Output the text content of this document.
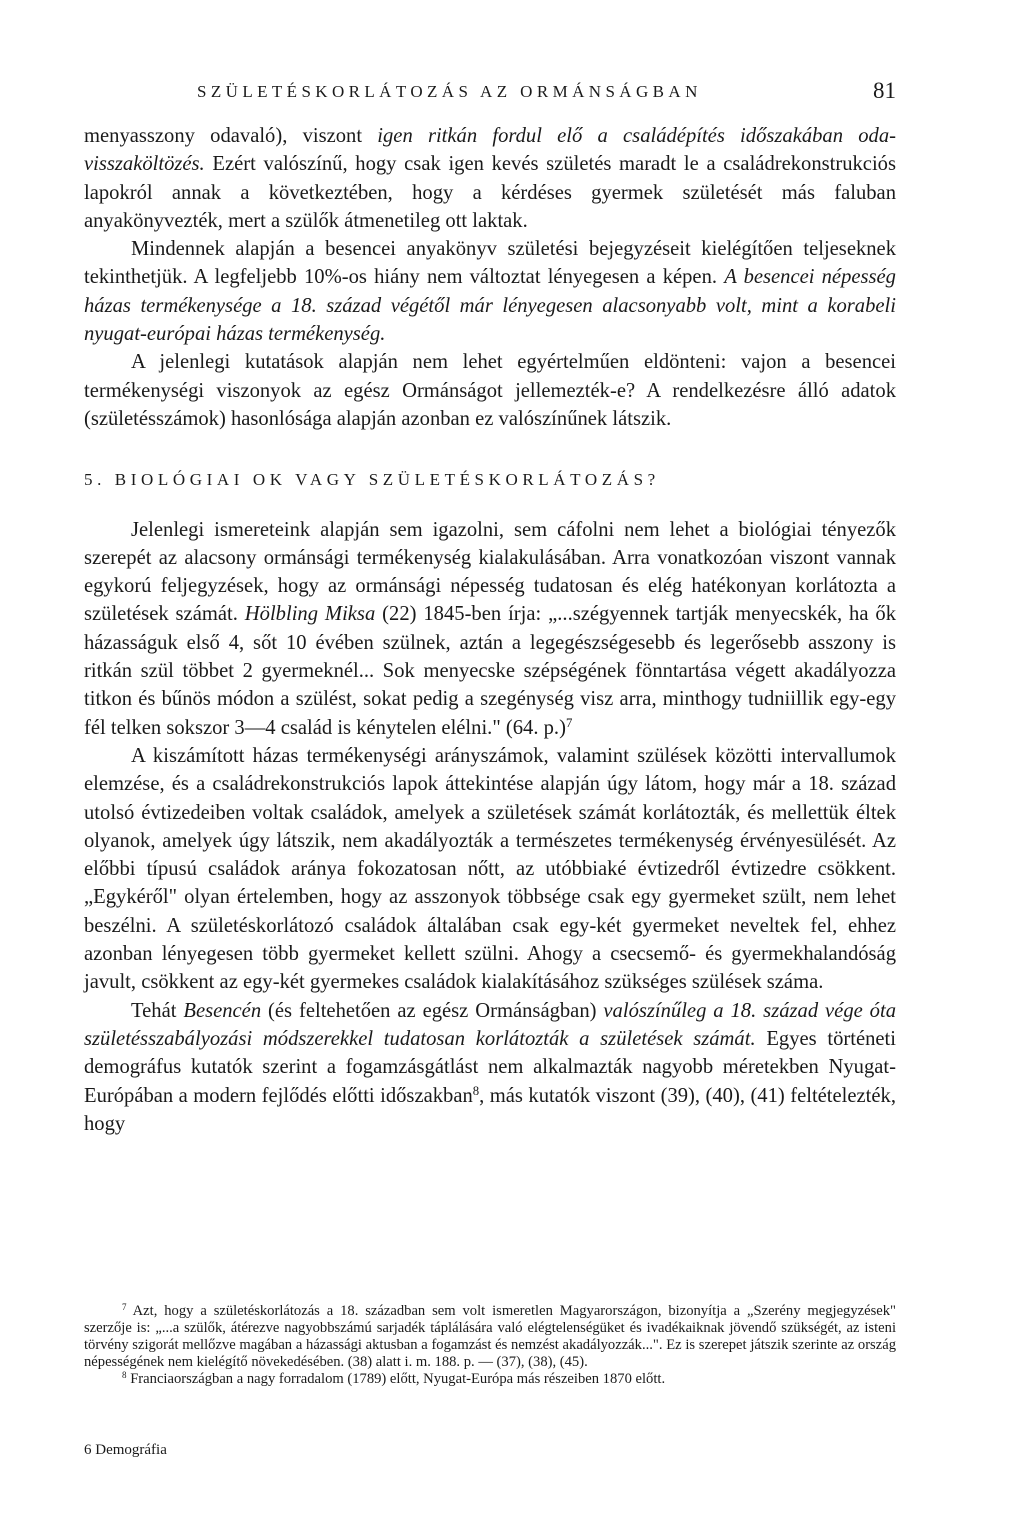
SZÜLETÉSKORLÁTOZÁS AZ ORMÁNSÁGBAN	81

menyasszony odavaló), viszont igen ritkán fordul elő a családépítés időszakában oda-visszaköltözés. Ezért valószínű, hogy csak igen kevés születés maradt le a családrekonstrukciós lapokról annak a következtében, hogy a kérdéses gyermek születését más faluban anyakönyvezték, mert a szülők átmenetileg ott laktak.

Mindennek alapján a besencei anyakönyv születési bejegyzéseit kielégítően teljeseknek tekinthetjük. A legfeljebb 10%-os hiány nem változtat lényegesen a képen. A besencei népesség házas termékenysége a 18. század végétől már lényegesen alacsonyabb volt, mint a korabeli nyugat-európai házas termékenység.

A jelenlegi kutatások alapján nem lehet egyértelműen eldönteni: vajon a besencei termékenységi viszonyok az egész Ormánságot jellemezték-e? A rendelkezésre álló adatok (születésszámok) hasonlósága alapján azonban ez valószínűnek látszik.

5. BIOLÓGIAI OK VAGY SZÜLETÉSKORLÁTOZÁS?

Jelenlegi ismereteink alapján sem igazolni, sem cáfolni nem lehet a biológiai tényezők szerepét az alacsony ormánsági termékenység kialakulásában. Arra vonatkozóan viszont vannak egykorú feljegyzések, hogy az ormánsági népesség tudatosan és elég hatékonyan korlátozta a születések számát. Hölbling Miksa (22) 1845-ben írja: „...szégyennek tartják menyecskék, ha ők házasságuk első 4, sőt 10 évében szülnek, aztán a legegészségesebb és legerősebb asszony is ritkán szül többet 2 gyermeknél... Sok menyecske szépségének fönntartása végett akadályozza titkon és bűnös módon a szülést, sokat pedig a szegénység visz arra, minthogy tudniillik egy-egy fél telken sokszor 3—4 család is kénytelen elélni." (64. p.)$^7$

A kiszámított házas termékenységi arányszámok, valamint szülések közötti intervallumok elemzése, és a családrekonstrukciós lapok áttekintése alapján úgy látom, hogy már a 18. század utolsó évtizedeiben voltak családok, amelyek a születések számát korlátozták, és mellettük éltek olyanok, amelyek úgy látszik, nem akadályozták a természetes termékenység érvényesülését. Az előbbi típusú családok aránya fokozatosan nőtt, az utóbbiaké évtizedről évtizedre csökkent. „Egykéről" olyan értelemben, hogy az asszonyok többsége csak egy gyermeket szült, nem lehet beszélni. A születéskorlátozó családok általában csak egy-két gyermeket neveltek fel, ehhez azonban lényegesen több gyermeket kellett szülni. Ahogy a csecsemő- és gyermekhalandóság javult, csökkent az egy-két gyermekes családok kialakításához szükséges szülések száma.

Tehát Besencén (és feltehetően az egész Ormánságban) valószínűleg a 18. század vége óta születésszabályozási módszerekkel tudatosan korlátozták a születések számát. Egyes történeti demográfus kutatók szerint a fogamzásgátlást nem alkalmazták nagyobb méretekben Nyugat-Európában a modern fejlődés előtti időszakban$^8$, más kutatók viszont (39), (40), (41) feltételezték, hogy

$^7$ Azt, hogy a születéskorlátozás a 18. században sem volt ismeretlen Magyarországon, bizonyítja a „Szerény megjegyzések" szerzője is: „...a szülők, átérezve nagyobbszámú sarjadék táplálására való elégtelenségüket és ivadékaiknak jövendő szükségét, az isteni törvény szigorát mellőzve magában a házassági aktusban a fogamzást és nemzést akadályozzák...". Ez is szerepet játszik szerinte az ország népességének nem kielégítő növekedésében. (38) alatt i. m. 188. p. — (37), (38), (45).

$^8$ Franciaországban a nagy forradalom (1789) előtt, Nyugat-Európa más részeiben 1870 előtt.

6 Demográfia
